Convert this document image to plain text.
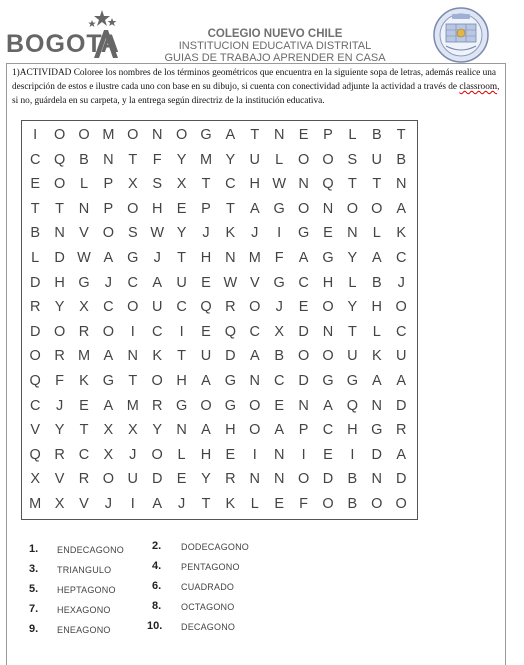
BOGOTA	COLEGIO NUEVO CHILE
INSTITUCION EDUCATIVA DISTRITAL
GUIAS DE TRABAJO APRENDER EN CASA
1)ACTIVIDAD Coloree los nombres de los términos geométricos que encuentra en la siguiente sopa de letras, además realice una descripción de estos e ilustre cada uno con base en su dibujo, si cuenta con conectividad adjunte la actividad a través de classroom, si no, guárdela en su carpeta, y la entrega según directriz de la institución educativa.
I	O O M O N O G A	T	N E	P	L	B	T
C Q B N	T	F	Y M Y U	L	O O S U B
E O	L	P	X	S	X	T	C H W N Q T	T	N
T	T	N P O H E	P	T	A G O N O O A
B N V O S W Y	J	K	J	I	G E N	L	K
L	D W A G	J	T	H N M F	A G Y	A C
D H G	J	C A U E W V G C H	L	B	J
R Y	X C O U C Q R O	J	E O Y H O
D O R O	I	C	I	E Q C X D N	T	L	C
O R M A N K	T	U D A	B O O U K U
Q F	K G T O H A G N C D G G A	A
C	J	E	A M R G O G O E N A Q N D
V	Y	T	X	X	Y N A H O A	P C H G R
Q R C X	J	O	L	H E	I	N	I	E	I	D A
X	V R O U D E	Y R N N O D B N D
M X	V	J	I	A	J	T	K	L	E	F O B O O
1. ENDECAGONO	2. DODECAGONO
3. TRIANGULO	4. PENTAGONO
5. HEPTAGONO	6. CUADRADO
7. HEXAGONO	8. OCTAGONO
9. ENEAGONO	10. DECAGONO
